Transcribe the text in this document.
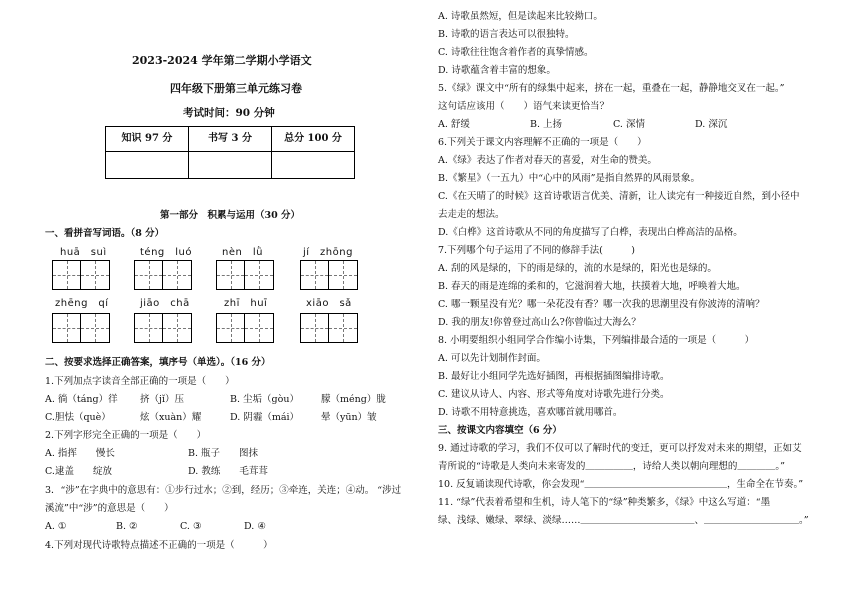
2023-2024 学年第二学期小学语文
四年级下册第三单元练习卷
考试时间：90 分钟
知识 97 分	书写 3 分	总分 100 分

第一部分　积累与运用（30 分）
一、看拼音写词语。（8 分）
huā　suì	téng　luó	nèn　lǜ	jí　zhōng
zhēng　qí	jiāo　chā	zhī　huī	xiāo　sǎ
二、按要求选择正确答案，填序号（单选）。（16 分）
1.下列加点字读音全部正确的一项是（　　）
A. 徜（táng）徉 挤（jǐ）压	B. 尘垢（gòu） 朦（méng）胧
C.胆怯（què）	炫（xuàn）耀	D. 阴霾（mái） 晕（yūn）皱
2.下列字形完全正确的一项是（　　）
A. 指挥　　慢长	B. 瓶子　　图抹
C.逮盖　　绽放	D. 教练　　毛茸茸
3．“涉”在字典中的意思有：①步行过水；②到，经历；③牵连，关连；④动。 “涉过
溪流”中“涉”的意思是（　　）
A. ①	B. ②	C. ③	D. ④
4.下列对现代诗歌特点描述不正确的一项是（　　　）
A. 诗歌虽然短，但是读起来比较拗口。
B. 诗歌的语言表达可以很独特。
C. 诗歌往往饱含着作者的真挚情感。
D. 诗歌蕴含着丰富的想象。
5.《绿》课文中“所有的绿集中起来，挤在一起，重叠在一起，静静地交叉在一起。”
这句话应该用（　　）语气来读更恰当？
A. 舒缓	B. 上扬	C. 深情	D. 深沉
6.下列关于课文内容理解不正确的一项是（　　）
A.《绿》表达了作者对春天的喜爱，对生命的赞美。
B.《繁星》（一五九）中“心中的风雨”是指自然界的风雨景象。
C.《在天晴了的时候》这首诗歌语言优美、清新，让人读完有一种接近自然，到小径中
去走走的想法。
D.《白桦》这首诗歌从不同的角度描写了白桦，表现出白桦高洁的品格。
7.下列哪个句子运用了不同的修辞手法(　　　)
A. 刮的风是绿的，下的雨是绿的，流的水是绿的，阳光也是绿的。
B. 春天的雨是连绵的柔和的，它滋润着大地，扶摸着大地，呼唤着大地。
C. 哪一颗星没有光？哪一朵花没有香？哪一次我的思潮里没有你波涛的清响？
D. 我的朋友!你曾登过高山么?你曾临过大海么？
8. 小明要组织小组同学合作编小诗集，下列编排最合适的一项是（　　　）
A. 可以先计划制作封面。
B. 最好让小组同学先选好插图，再根据插图编排诗歌。
C. 建议从诗人、内容、形式等角度对诗歌先进行分类。
D. 诗歌不用特意挑选，喜欢哪首就用哪首。
三、按课文内容填空（6 分）
9. 通过诗歌的学习，我们不仅可以了解时代的变迁，更可以抒发对未来的期望，正如艾
青所说的“诗歌是人类向未来寄发的＿＿＿＿＿，诗给人类以朝向理想的＿＿＿＿。”
10. 反复诵读现代诗歌，你会发现“＿＿＿＿＿＿＿＿＿＿＿＿＿＿＿，生命全在节奏。”
11. “绿”代表着希望和生机，诗人笔下的“绿”种类繁多，《绿》中这么写道：“墨
绿、浅绿、嫩绿、翠绿、淡绿……＿＿＿＿＿＿＿＿＿＿＿＿、＿＿＿＿＿＿＿＿＿＿。”
